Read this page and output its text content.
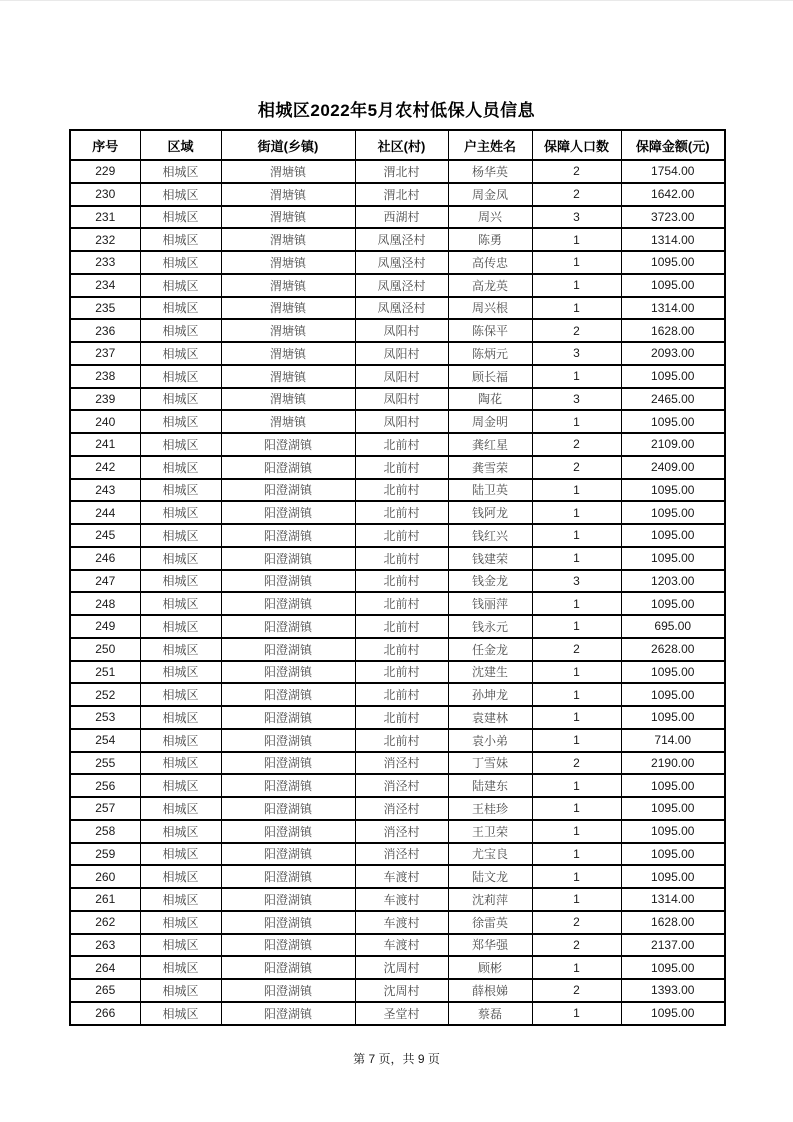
相城区2022年5月农村低保人员信息
序号	区域	街道(乡镇)	社区(村)	户主姓名	保障人口数	保障金额(元)
229	相城区	渭塘镇	渭北村	杨华英	2	1754.00
230	相城区	渭塘镇	渭北村	周金凤	2	1642.00
231	相城区	渭塘镇	西湖村	周兴	3	3723.00
232	相城区	渭塘镇	凤凰泾村	陈勇	1	1314.00
233	相城区	渭塘镇	凤凰泾村	高传忠	1	1095.00
234	相城区	渭塘镇	凤凰泾村	高龙英	1	1095.00
235	相城区	渭塘镇	凤凰泾村	周兴根	1	1314.00
236	相城区	渭塘镇	凤阳村	陈保平	2	1628.00
237	相城区	渭塘镇	凤阳村	陈炳元	3	2093.00
238	相城区	渭塘镇	凤阳村	顾长福	1	1095.00
239	相城区	渭塘镇	凤阳村	陶花	3	2465.00
240	相城区	渭塘镇	凤阳村	周金明	1	1095.00
241	相城区	阳澄湖镇	北前村	龚红星	2	2109.00
242	相城区	阳澄湖镇	北前村	龚雪荣	2	2409.00
243	相城区	阳澄湖镇	北前村	陆卫英	1	1095.00
244	相城区	阳澄湖镇	北前村	钱阿龙	1	1095.00
245	相城区	阳澄湖镇	北前村	钱红兴	1	1095.00
246	相城区	阳澄湖镇	北前村	钱建荣	1	1095.00
247	相城区	阳澄湖镇	北前村	钱金龙	3	1203.00
248	相城区	阳澄湖镇	北前村	钱丽萍	1	1095.00
249	相城区	阳澄湖镇	北前村	钱永元	1	695.00
250	相城区	阳澄湖镇	北前村	任金龙	2	2628.00
251	相城区	阳澄湖镇	北前村	沈建生	1	1095.00
252	相城区	阳澄湖镇	北前村	孙坤龙	1	1095.00
253	相城区	阳澄湖镇	北前村	袁建林	1	1095.00
254	相城区	阳澄湖镇	北前村	袁小弟	1	714.00
255	相城区	阳澄湖镇	消泾村	丁雪妹	2	2190.00
256	相城区	阳澄湖镇	消泾村	陆建东	1	1095.00
257	相城区	阳澄湖镇	消泾村	王桂珍	1	1095.00
258	相城区	阳澄湖镇	消泾村	王卫荣	1	1095.00
259	相城区	阳澄湖镇	消泾村	尤宝良	1	1095.00
260	相城区	阳澄湖镇	车渡村	陆文龙	1	1095.00
261	相城区	阳澄湖镇	车渡村	沈莉萍	1	1314.00
262	相城区	阳澄湖镇	车渡村	徐雷英	2	1628.00
263	相城区	阳澄湖镇	车渡村	郑华强	2	2137.00
264	相城区	阳澄湖镇	沈周村	顾彬	1	1095.00
265	相城区	阳澄湖镇	沈周村	薛根娣	2	1393.00
266	相城区	阳澄湖镇	圣堂村	蔡磊	1	1095.00
第 7 页，共 9 页
